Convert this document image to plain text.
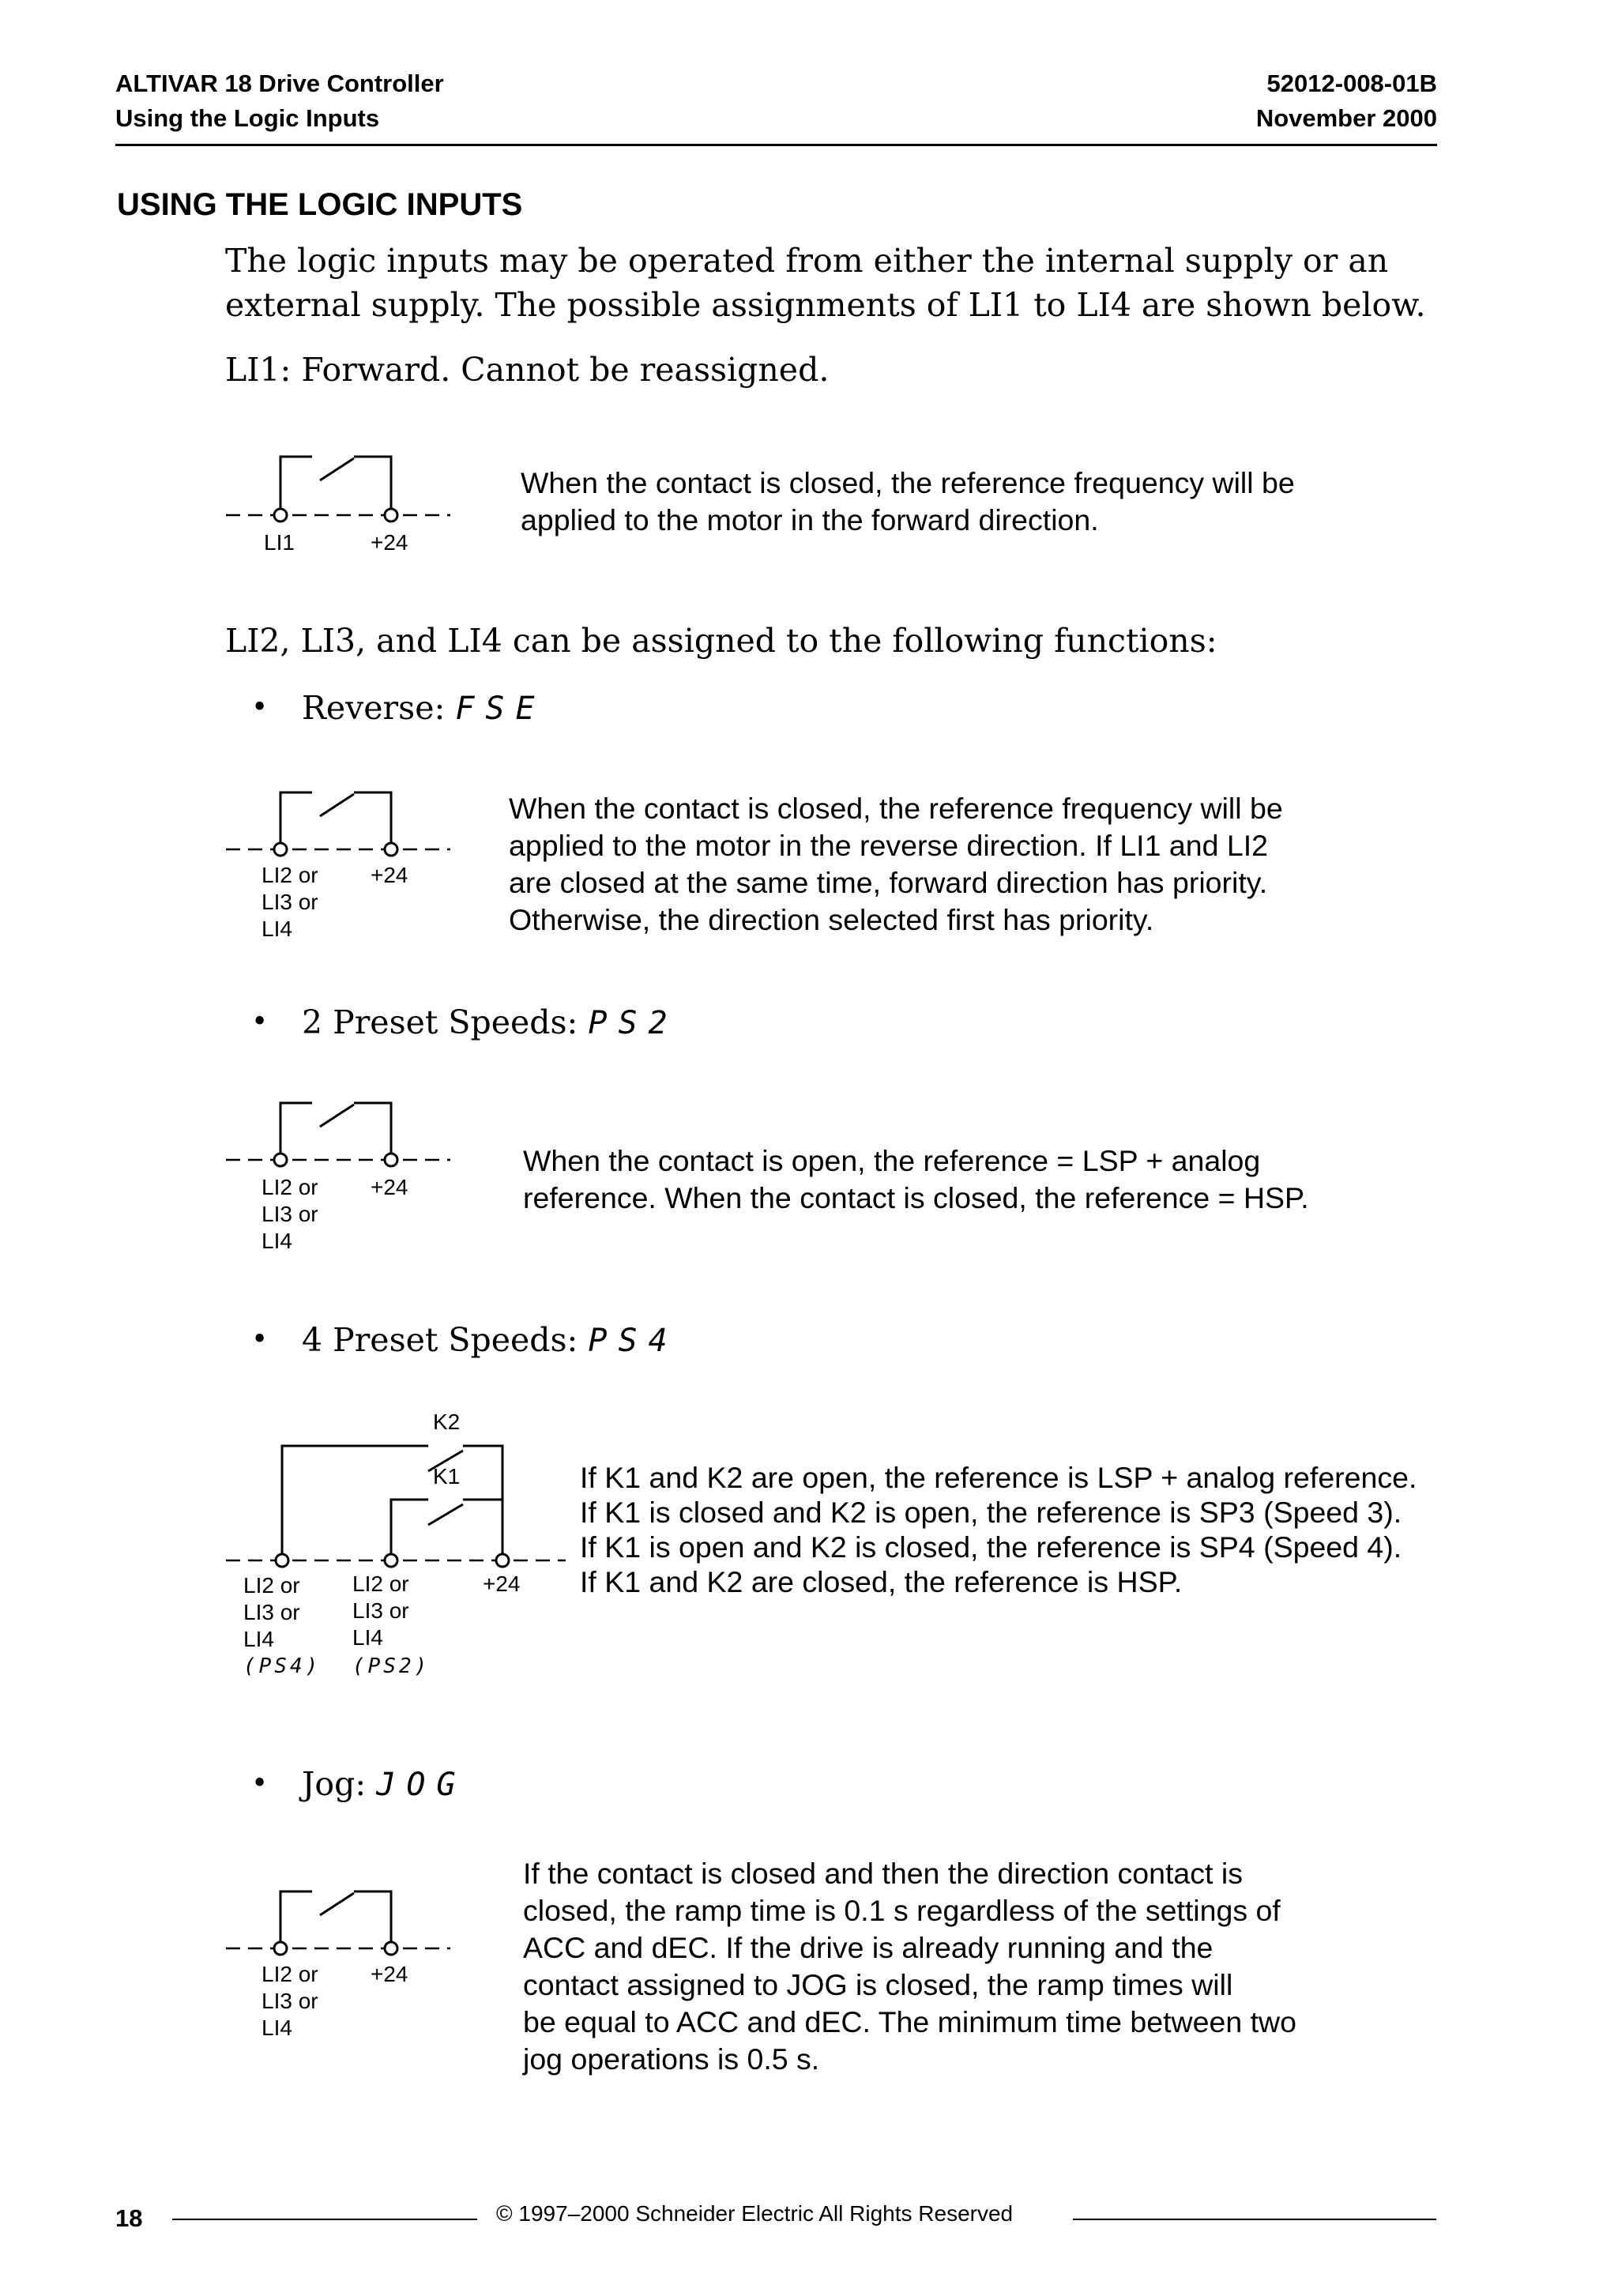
ALTIVAR 18 Drive Controller
Using the Logic Inputs
52012-008-01B
November 2000
USING THE LOGIC INPUTS
The logic inputs may be operated from either the internal supply or an external supply. The possible assignments of LI1 to LI4 are shown below.
LI1: Forward. Cannot be reassigned.
LI1	+24
When the contact is closed, the reference frequency will be
applied to the motor in the forward direction.
LI2, LI3, and LI4 can be assigned to the following functions:
• Reverse: FSE
LI2 or
LI3 or
LI4
+24
When the contact is closed, the reference frequency will be
applied to the motor in the reverse direction. If LI1 and LI2
are closed at the same time, forward direction has priority.
Otherwise, the direction selected first has priority.
• 2 Preset Speeds: PS2
LI2 or
LI3 or
LI4
+24
When the contact is open, the reference = LSP + analog
reference. When the contact is closed, the reference = HSP.
• 4 Preset Speeds: PS4
K2
K1
LI2 or
LI3 or
LI4
(PS4)
LI2 or
LI3 or
LI4
(PS2)
+24
If K1 and K2 are open, the reference is LSP + analog reference.
If K1 is closed and K2 is open, the reference is SP3 (Speed 3).
If K1 is open and K2 is closed, the reference is SP4 (Speed 4).
If K1 and K2 are closed, the reference is HSP.
• Jog: JOG
LI2 or
LI3 or
LI4
+24
If the contact is closed and then the direction contact is
closed, the ramp time is 0.1 s regardless of the settings of
ACC and dEC. If the drive is already running and the
contact assigned to JOG is closed, the ramp times will
be equal to ACC and dEC. The minimum time between two
jog operations is 0.5 s.
18	© 1997–2000 Schneider Electric All Rights Reserved
